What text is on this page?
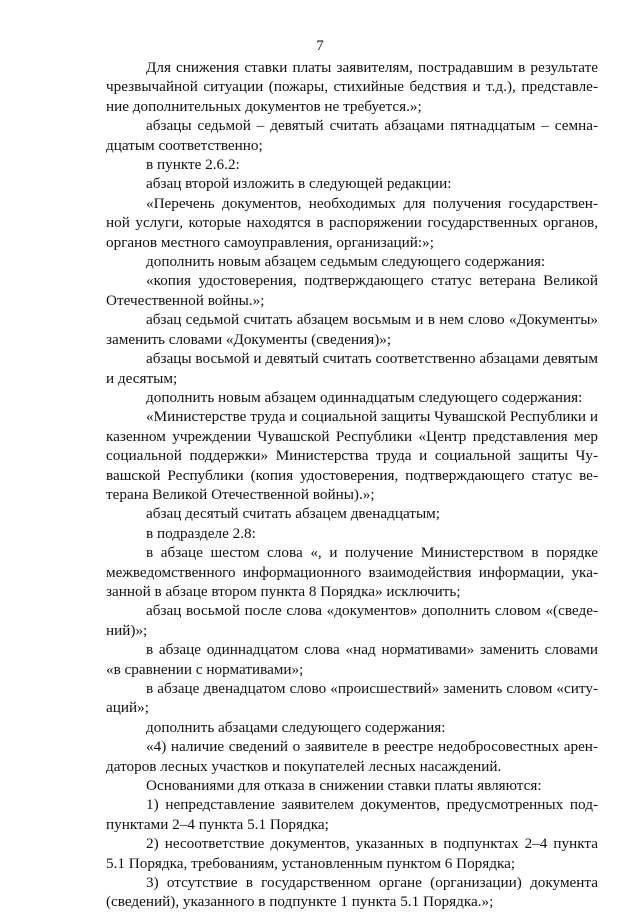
7

Для снижения ставки платы заявителям, пострадавшим в результате чрезвычайной ситуации (пожары, стихийные бедствия и т.д.), представление дополнительных документов не требуется.»;

абзацы седьмой – девятый считать абзацами пятнадцатым – семнадцатым соответственно;

в пункте 2.6.2:

абзац второй изложить в следующей редакции:

«Перечень документов, необходимых для получения государственной услуги, которые находятся в распоряжении государственных органов, органов местного самоуправления, организаций:»;

дополнить новым абзацем седьмым следующего содержания:

«копия удостоверения, подтверждающего статус ветерана Великой Отечественной войны.»;

абзац седьмой считать абзацем восьмым и в нем слово «Документы» заменить словами «Документы (сведения)»;

абзацы восьмой и девятый считать соответственно абзацами девятым и десятым;

дополнить новым абзацем одиннадцатым следующего содержания:

«Министерстве труда и социальной защиты Чувашской Республики и казенном учреждении Чувашской Республики «Центр представления мер социальной поддержки» Министерства труда и социальной защиты Чувашской Республики (копия удостоверения, подтверждающего статус ветерана Великой Отечественной войны).»;

абзац десятый считать абзацем двенадцатым;

в подразделе 2.8:

в абзаце шестом слова «, и получение Министерством в порядке межведомственного информационного взаимодействия информации, указанной в абзаце втором пункта 8 Порядка» исключить;

абзац восьмой после слова «документов» дополнить словом «(сведений)»;

в абзаце одиннадцатом слова «над нормативами» заменить словами «в сравнении с нормативами»;

в абзаце двенадцатом слово «происшествий» заменить словом «ситуаций»;

дополнить абзацами следующего содержания:

«4) наличие сведений о заявителе в реестре недобросовестных арендаторов лесных участков и покупателей лесных насаждений.

Основаниями для отказа в снижении ставки платы являются:

1) непредставление заявителем документов, предусмотренных подпунктами 2–4 пункта 5.1 Порядка;

2) несоответствие документов, указанных в подпунктах 2–4 пункта 5.1 Порядка, требованиям, установленным пунктом 6 Порядка;

3) отсутствие в государственном органе (организации) документа (сведений), указанного в подпункте 1 пункта 5.1 Порядка.»;
